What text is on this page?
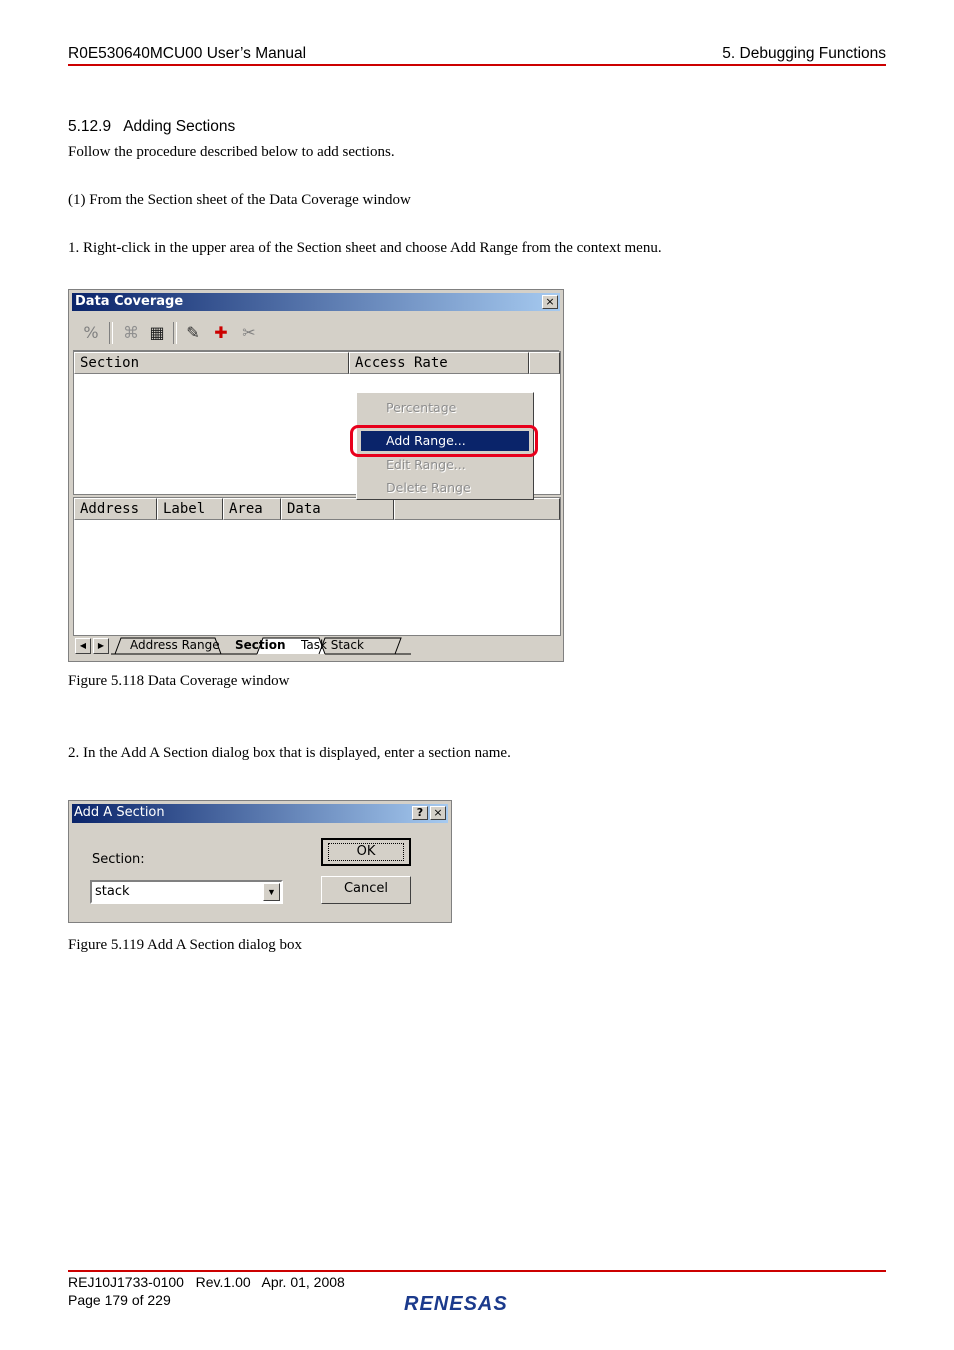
R0E530640MCU00 User’s Manual	5. Debugging Functions
5.12.9 Adding Sections
Follow the procedure described below to add sections.
(1) From the Section sheet of the Data Coverage window
1. Right-click in the upper area of the Section sheet and choose Add Range from the context menu.
Data Coverage	×
% ⌘ ▦ ✎ ✚ ✂
Section	Access Rate
Address	Label	Area	Data
Percentage
Add Range...
Edit Range...
Delete Range
◀	▶	Address Range Section Task Stack
Figure 5.118 Data Coverage window
2. In the Add A Section dialog box that is displayed, enter a section name.
Add A Section	? ×
Section:
stack	▼
OK
Cancel
Figure 5.119 Add A Section dialog box
REJ10J1733-0100   Rev.1.00   Apr. 01, 2008
Page 179 of 229	RENESAS
